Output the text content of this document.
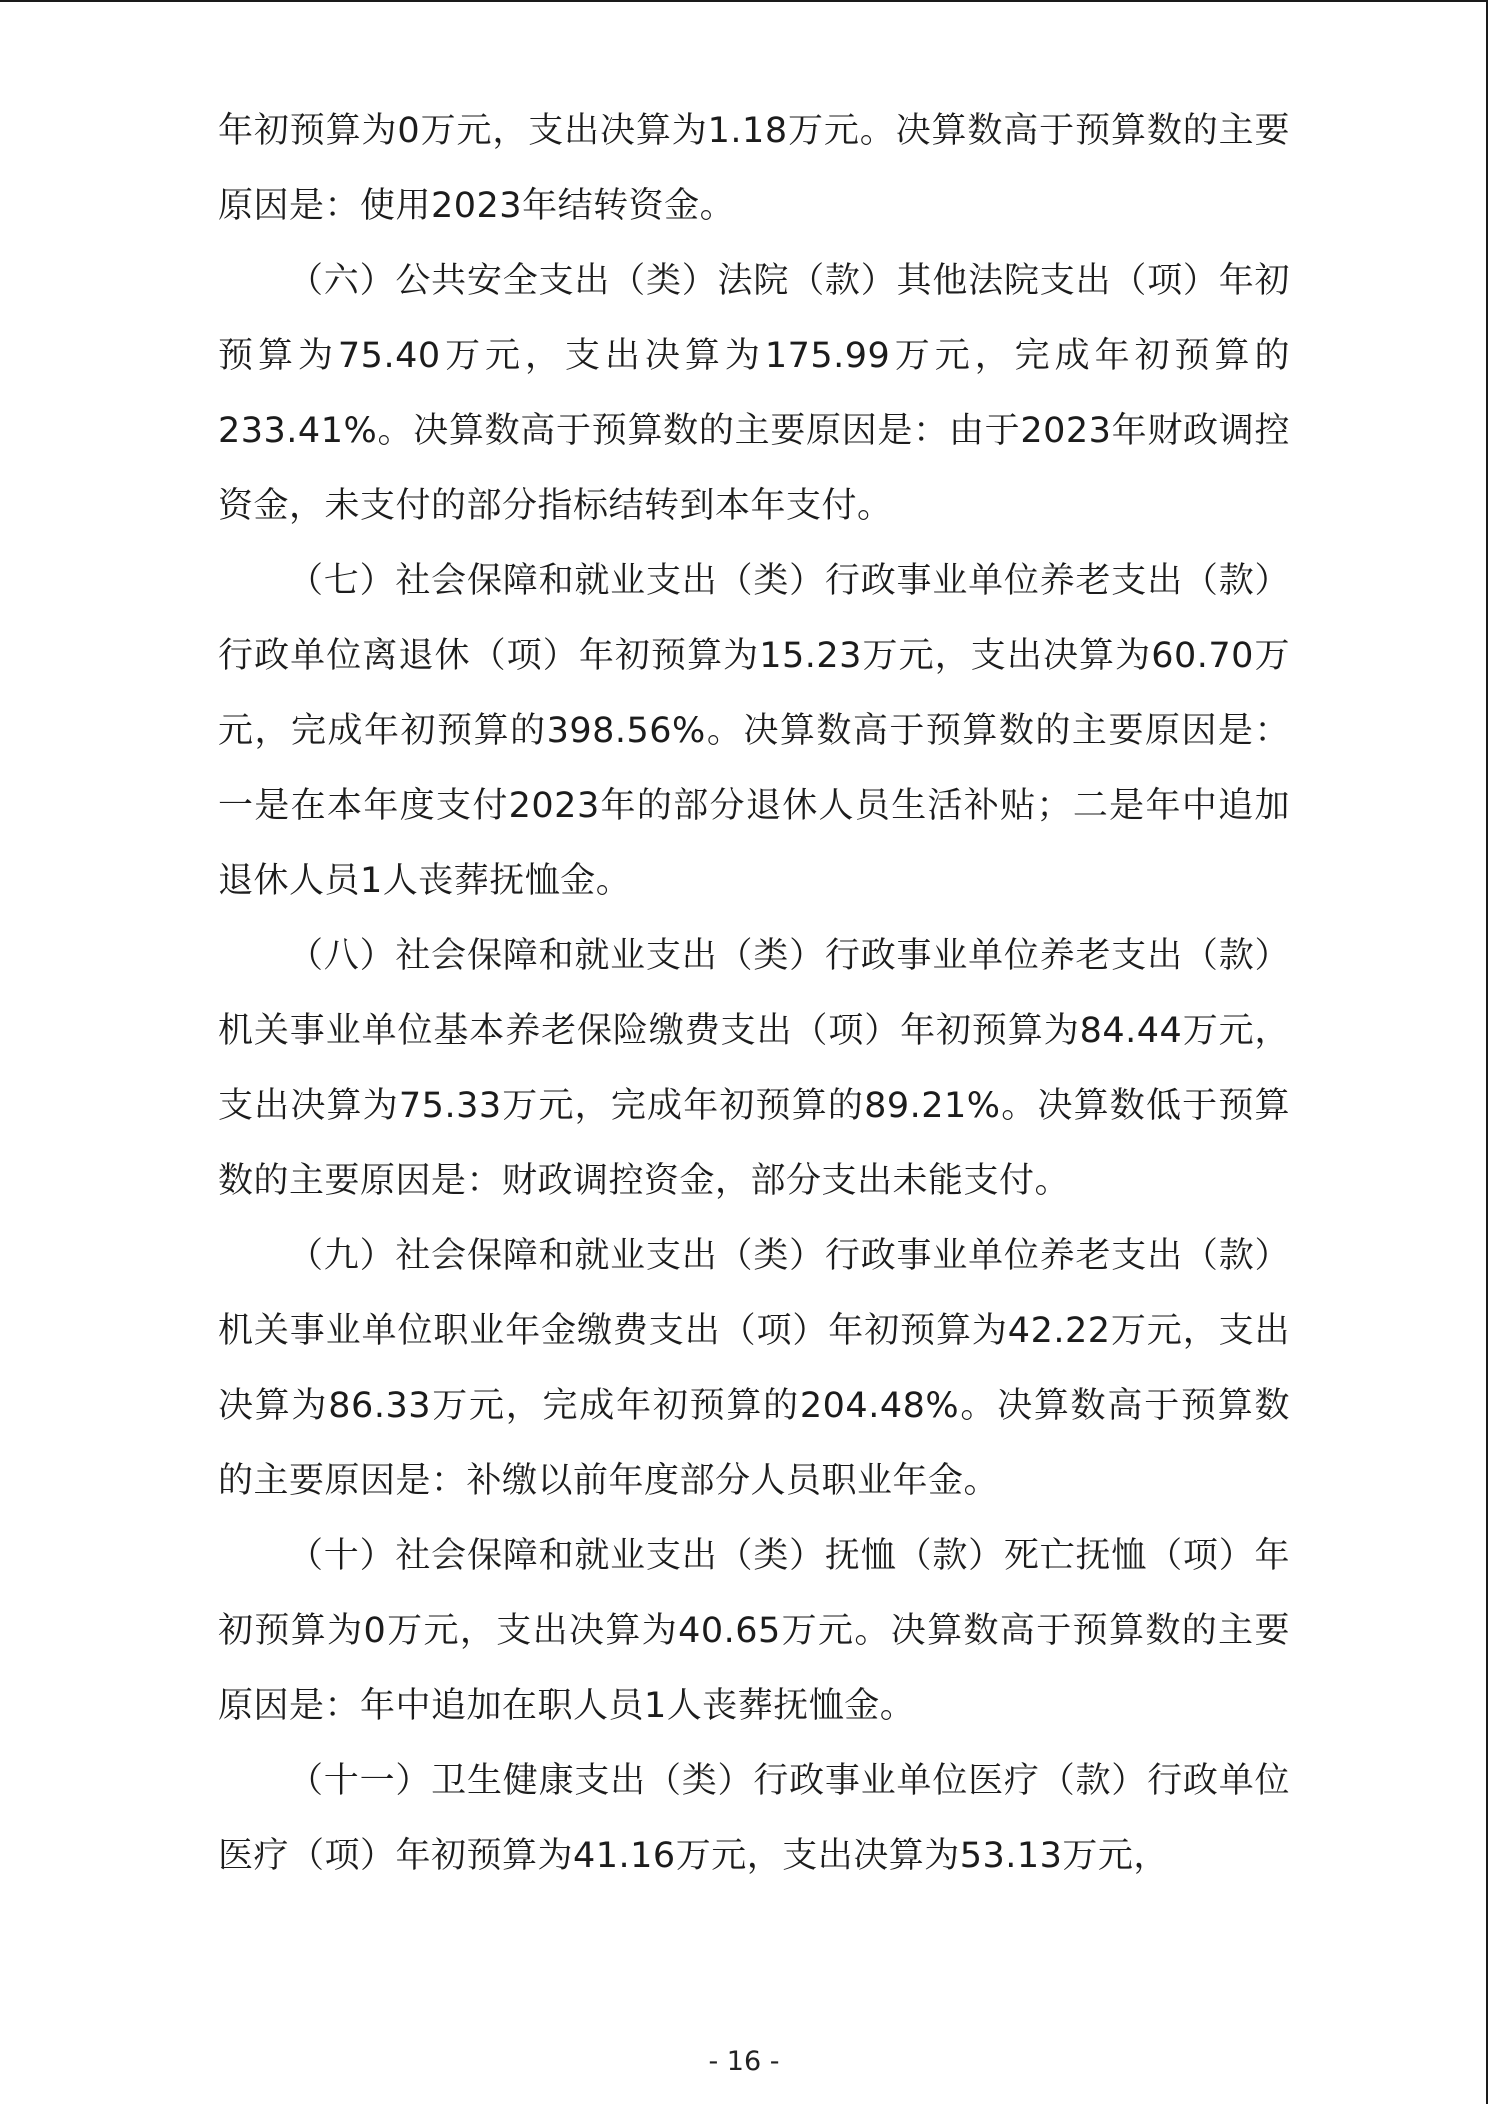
年初预算为0万元，支出决算为1.18万元。决算数高于预算数的主要原因是：使用2023年结转资金。

（六）公共安全支出（类）法院（款）其他法院支出（项）年初预算为75.40万元，支出决算为175.99万元，完成年初预算的233.41%。决算数高于预算数的主要原因是：由于2023年财政调控资金，未支付的部分指标结转到本年支付。

（七）社会保障和就业支出（类）行政事业单位养老支出（款）行政单位离退休（项）年初预算为15.23万元，支出决算为60.70万元，完成年初预算的398.56%。决算数高于预算数的主要原因是：一是在本年度支付2023年的部分退休人员生活补贴；二是年中追加退休人员1人丧葬抚恤金。

（八）社会保障和就业支出（类）行政事业单位养老支出（款）机关事业单位基本养老保险缴费支出（项）年初预算为84.44万元，支出决算为75.33万元，完成年初预算的89.21%。决算数低于预算数的主要原因是：财政调控资金，部分支出未能支付。

（九）社会保障和就业支出（类）行政事业单位养老支出（款）机关事业单位职业年金缴费支出（项）年初预算为42.22万元，支出决算为86.33万元，完成年初预算的204.48%。决算数高于预算数的主要原因是：补缴以前年度部分人员职业年金。

（十）社会保障和就业支出（类）抚恤（款）死亡抚恤（项）年初预算为0万元，支出决算为40.65万元。决算数高于预算数的主要原因是：年中追加在职人员1人丧葬抚恤金。

（十一）卫生健康支出（类）行政事业单位医疗（款）行政单位医疗（项）年初预算为41.16万元，支出决算为53.13万元，

- 16 -
